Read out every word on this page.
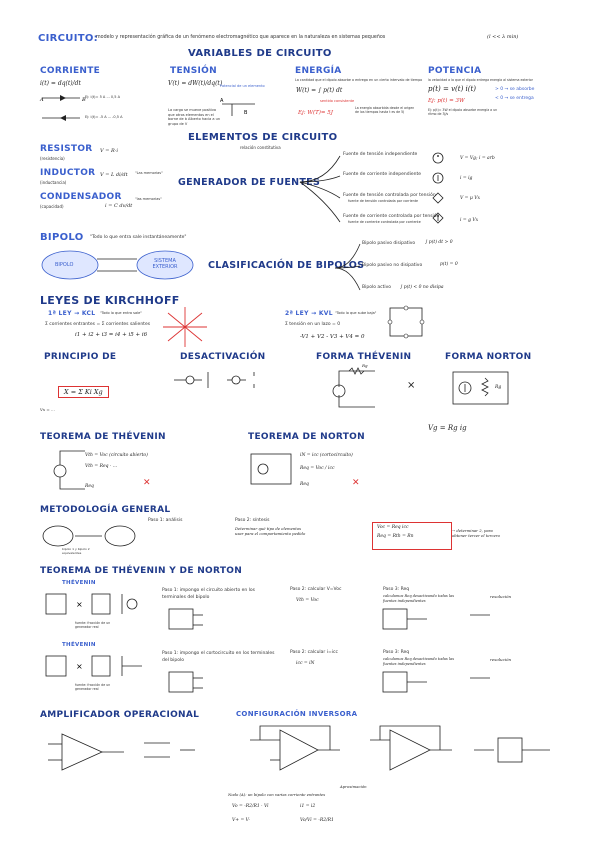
CIRCUITO:
modelo y representación gráfica de un fenómeno electromagnético que aparece en la naturaleza en sistemas pequeños	(l << λ min)
VARIABLES DE CIRCUITO
CORRIENTE
i(t) = dq(t)/dt
A	B Ej: i(t)= 5 A ... 0,5 A
Ej: i(t)= -5 A ... -0,5 A
TENSIÓN
V(t) = dW(t)/dq(t)
Potencial de un elemento
A
B
La carga se mueve positiva que otros elementos en el borne de b Alberto hacia a un grupo de V
ENERGÍA
La cantidad que el dipolo absorbe o entrega en un cierto intervalo de tiempo
W(t) = ∫ p(t) dt
sentido consistente
Ej: W(T)= 5J
La energía absorbida desde el origen de los tiempos hasta t es de 5J
POTENCIA
la velocidad a la que el dipolo entrega energía al sistema exterior
p(t) = v(t) i(t)	> 0 → se absorbe
< 0 → se entrega
Ej: p(t) = 3W
Ej: p(t)= 3W el dipolo absorbe energía a un ritmo de 3J/s
ELEMENTOS DE CIRCUITO
relación constitutiva
RESISTOR
(resistencia)
V = R·i
INDUCTOR
(inductancia)
V = L di/dt "Las memorias"
CONDENSADOR
(capacidad)	i = C dv/dt
"las memorias"
GENERADOR DE FUENTES
Fuente de tensión independiente
V = Vg; i = arb
Fuente de corriente independiente
i = ig
Fuente de tensión controlada por tensión
fuente de tensión controlada por corriente	V = μ Vx
Fuente de corriente controlada por tensión
fuente de corriente controlada por corriente	i = g Vx
BIPOLO "Todo lo que entra sale instantáneamente"
BIPOLO
SISTEMA EXTERIOR	CLASIFICACIÓN DE BIPOLOS
Bipolo pasivo disipativo ∫ p(t) dt > 0
Bipolo pasivo no disipativo	p(t) = 0
Bipolo activo ∫ p(t) < 0 no disipa
LEYES DE KIRCHHOFF
1ª LEY → KCL "Todo lo que entra sale"
Σ corrientes entrantes = Σ corrientes salientes
i1 + i2 + i3 = i4 + i5 + i6
2ª LEY → KVL "Todo lo que sube baja"
Σ tensión en un lazo = 0
-V1 + V2 - V3 + V4 = 0
PRINCIPIO DE
X = Σ Ki Xg
Vx = ...
DESACTIVACIÓN	FORMA THÉVENIN
Rg
⨯
FORMA NORTON
Rg
Vg = Rg ig
TEOREMA DE THÉVENIN
Vth = Voc (circuito abierto)
Vth = Req · ...
Req	✕
TEOREMA DE NORTON
iN = icc (cortocircuito)
Req = Voc / icc
Req	✕
METODOLOGÍA GENERAL
bipolo 1 y bipolo 2 equivalentes
Paso 1: análisis	Paso 2: síntesis
Determinar qué tipo de elementos usar para el comportamiento pedido
Voc = Req icc
Req = Rth = Rn
→ determinar 2, para obtener tercer el tercero
TEOREMA DE THÉVENIN Y DE NORTON
THÉVENIN
⨯
fuente: fracción de un generador real
Paso 1: impongo el circuito abierto en los terminales del bipolo
Paso 2: calcular V=Voc
Vth = Voc
Paso 3: Req
calculamos Req desactivando todas las fuentes independientes
resolución
THÉVENIN
⨯
fuente: fracción de un generador real
Paso 1: impongo el cortocircuito en los terminales del bipolo
Paso 2: calcular i=icc
icc = iN
Paso 3: Req
calculamos Req desactivando todas las fuentes independientes
resolución
AMPLIFICADOR OPERACIONAL	CONFIGURACIÓN INVERSORA
Nodo (A): un bipolo con varias corriente entrantes
Aproximación
Vo = -R2/R1 · Vi	i1 = i2
V+ = V-	Vo/Vi = -R2/R1
